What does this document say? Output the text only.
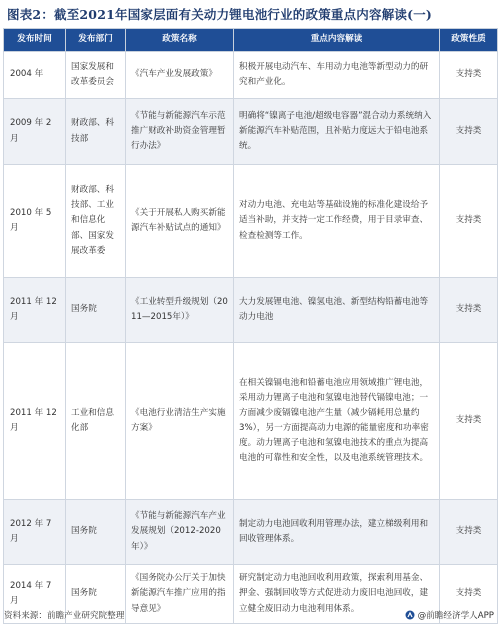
图表2：截至2021年国家层面有关动力锂电池行业的政策重点内容解读(一)
发布时间	发布部门	政策名称	重点内容解读	政策性质
2004 年	国家发展和改革委员会	《汽车产业发展政策》	积极开展电动汽车、车用动力电池等新型动力的研究和产业化。	支持类
2009 年 2 月	财政部、科技部	《节能与新能源汽车示范推广财政补助资金管理暂行办法》	明确将“镍离子电池/超级电容器”混合动力系统纳入新能源汽车补贴范围，且补贴力度远大于铅电池系统。	支持类
2010 年 5 月	财政部、科技部、工业和信息化部、国家发展改革委	《关于开展私人购买新能源汽车补贴试点的通知》	对动力电池、充电站等基础设施的标准化建设给予适当补助，并支持一定工作经费，用于目录审查、检查检测等工作。	支持类
2011 年 12 月	国务院	《工业转型升级规划（2011—2015年）》	大力发展锂电池、镍氢电池、新型结构铅蓄电池等动力电池	支持类
2011 年 12 月	工业和信息化部	《电池行业清洁生产实施方案》	在相关镍镉电池和铅蓄电池应用领域推广锂电池，采用动力锂离子电池和氢镍电池替代镉镍电池；一方面减少废镉镍电池产生量（减少镉耗用总量约3%），另一方面提高动力电源的能量密度和功率密度。动力锂离子电池和氢镍电池技术的重点为提高电池的可靠性和安全性，以及电池系统管理技术。	支持类
2012 年 7 月	国务院	《节能与新能源汽车产业发展规划（2012-2020 年）》	制定动力电池回收利用管理办法，建立梯级利用和回收管理体系。	支持类
2014 年 7 月	国务院	《国务院办公厅关于加快新能源汽车推广应用的指导意见》	研究制定动力电池回收利用政策，探索利用基金、押金、强制回收等方式促进动力废旧电池回收，建立健全废旧动力电池利用体系。	支持类
资料来源：前瞻产业研究院整理	@前瞻经济学人APP
